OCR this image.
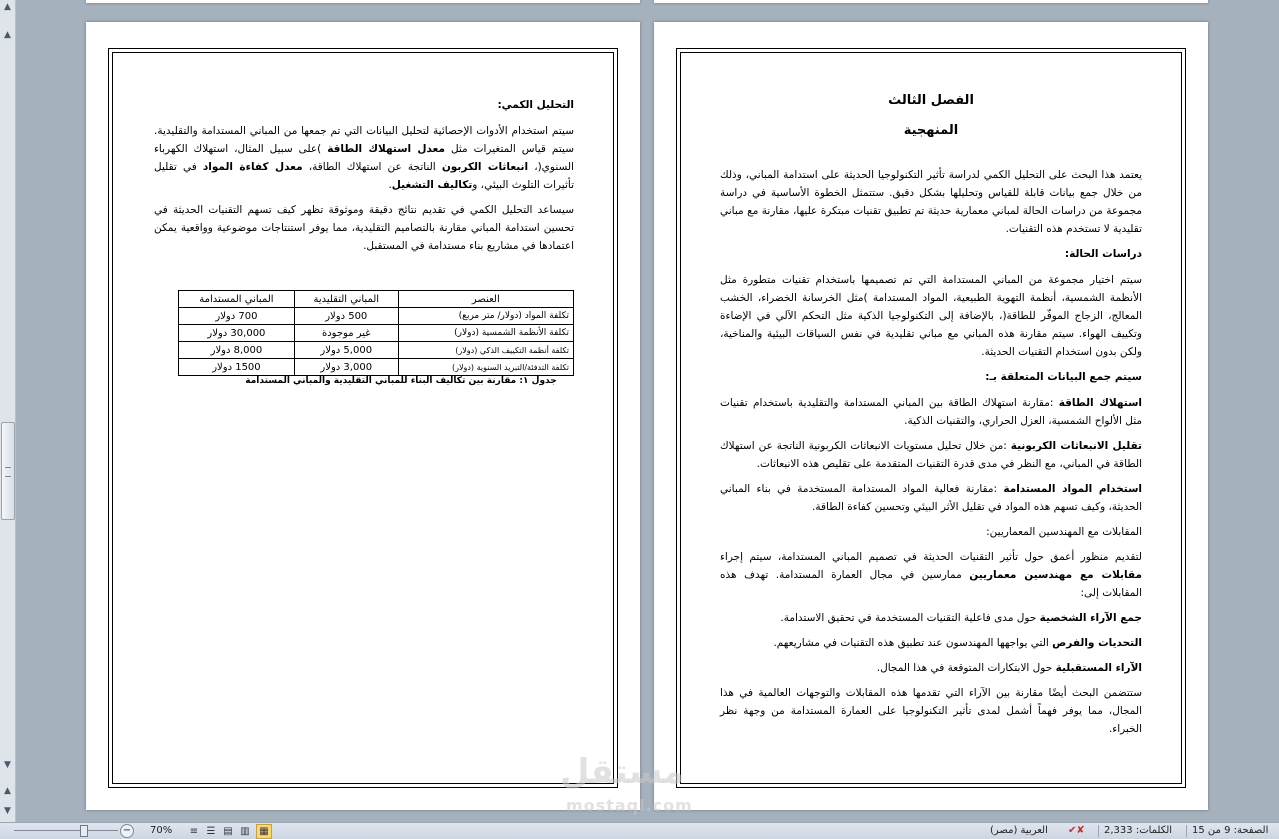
▲
▲
▼
▲
▼

التحليل الكمي:

سيتم استخدام الأدوات الإحصائية لتحليل البيانات التي تم جمعها من المباني المستدامة والتقليدية. سيتم قياس المتغيرات مثل معدل استهلاك الطاقة )على سبيل المثال، استهلاك الكهرباء السنوي(، انبعاثات الكربون الناتجة عن استهلاك الطاقة، معدل كفاءة المواد في تقليل تأثيرات التلوث البيئي، وتكاليف التشغيل.

سيساعد التحليل الكمي في تقديم نتائج دقيقة وموثوقة تظهر كيف تسهم التقنيات الحديثة في تحسين استدامة المباني مقارنة بالتصاميم التقليدية، مما يوفر استنتاجات موضوعية وواقعية يمكن اعتمادها في مشاريع بناء مستدامة في المستقبل.

العنصر	المباني التقليدية	المباني المستدامة
تكلفة المواد (دولار/ متر مربع)	500 دولار	700 دولار
تكلفة الأنظمة الشمسية (دولار)	غير موجودة	30,000 دولار
تكلفة أنظمة التكييف الذكي (دولار)	5,000 دولار	8,000 دولار
تكلفة التدفئة/التبريد السنوية (دولار)	3,000 دولار	1500 دولار
جدول ١: مقارنة بين تكاليف البناء للمباني التقليدية والمباني المستدامة
الفصل الثالث
المنهجية

يعتمد هذا البحث على التحليل الكمي لدراسة تأثير التكنولوجيا الحديثة على استدامة المباني، وذلك من خلال جمع بيانات قابلة للقياس وتحليلها بشكل دقيق. ستتمثل الخطوة الأساسية في دراسة مجموعة من دراسات الحالة لمباني معمارية حديثة تم تطبيق تقنيات مبتكرة عليها، مقارنة مع مباني تقليدية لا تستخدم هذه التقنيات.

دراسات الحالة:

سيتم اختيار مجموعة من المباني المستدامة التي تم تصميمها باستخدام تقنيات متطورة مثل الأنظمة الشمسية، أنظمة التهوية الطبيعية، المواد المستدامة )مثل الخرسانة الخضراء، الخشب المعالج، الزجاج الموفّر للطاقة(، بالإضافة إلى التكنولوجيا الذكية مثل التحكم الآلي في الإضاءة وتكييف الهواء. سيتم مقارنة هذه المباني مع مباني تقليدية في نفس السياقات البيئية والمناخية، ولكن بدون استخدام التقنيات الحديثة.

سيتم جمع البيانات المتعلقة بـ:

استهلاك الطاقة :مقارنة استهلاك الطاقة بين المباني المستدامة والتقليدية باستخدام تقنيات مثل الألواح الشمسية، العزل الحراري، والتقنيات الذكية.

تقليل الانبعاثات الكربونية :من خلال تحليل مستويات الانبعاثات الكربونية الناتجة عن استهلاك الطاقة في المباني، مع النظر في مدى قدرة التقنيات المتقدمة على تقليص هذه الانبعاثات.

استخدام المواد المستدامة :مقارنة فعالية المواد المستدامة المستخدمة في بناء المباني الحديثة، وكيف تسهم هذه المواد في تقليل الأثر البيئي وتحسين كفاءة الطاقة.

المقابلات مع المهندسين المعماريين:

لتقديم منظور أعمق حول تأثير التقنيات الحديثة في تصميم المباني المستدامة، سيتم إجراء مقابلات مع مهندسين معماريين ممارسين في مجال العمارة المستدامة. تهدف هذه المقابلات إلى:

جمع الآراء الشخصية حول مدى فاعلية التقنيات المستخدمة في تحقيق الاستدامة.

التحديات والفرص التي يواجهها المهندسون عند تطبيق هذه التقنيات في مشاريعهم.

الآراء المستقبلية حول الابتكارات المتوقعة في هذا المجال.

ستتضمن البحث أيضًا مقارنة بين الآراء التي تقدمها هذه المقابلات والتوجهات العالمية في هذا المجال، مما يوفر فهماً أشمل لمدى تأثير التكنولوجيا على العمارة المستدامة من وجهة نظر الخبراء.

مستقل
mostaql.com
− 70%	≡ ☰ ▤ ▥ ▦	العربية (مصر) ✔✘ الكلمات: 2,333 الصفحة: 9 من 15
